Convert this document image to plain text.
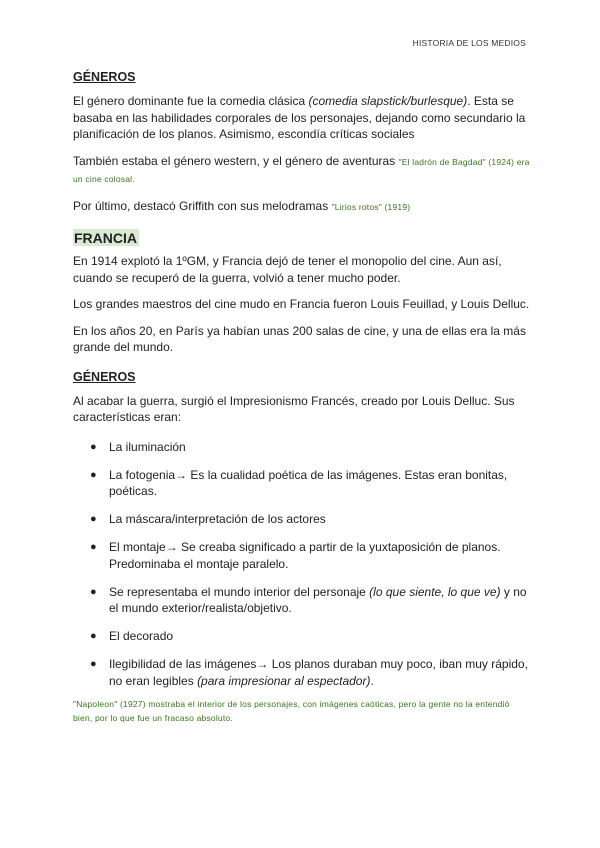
HISTORIA DE LOS MEDIOS
GÉNEROS

El género dominante fue la comedia clásica (comedia slapstick/burlesque). Esta se basaba en las habilidades corporales de los personajes, dejando como secundario la planificación de los planos. Asimismo, escondía críticas sociales

También estaba el género western, y el género de aventuras "El ladrón de Bagdad" (1924) era un cine colosal.

Por último, destacó Griffith con sus melodramas "Lirios rotos" (1919)

FRANCIA

En 1914 explotó la 1ºGM, y Francia dejó de tener el monopolio del cine. Aun así, cuando se recuperó de la guerra, volvió a tener mucho poder.

Los grandes maestros del cine mudo en Francia fueron Louis Feuillad, y Louis Delluc.

En los años 20, en París ya habían unas 200 salas de cine, y una de ellas era la más grande del mundo.

GÉNEROS

Al acabar la guerra, surgió el Impresionismo Francés, creado por Louis Delluc. Sus características eran:

● La iluminación
● La fotogenia→ Es la cualidad poética de las imágenes. Estas eran bonitas, poéticas.
● La máscara/interpretación de los actores
● El montaje→ Se creaba significado a partir de la yuxtaposición de planos. Predominaba el montaje paralelo.
● Se representaba el mundo interior del personaje (lo que siente, lo que ve) y no el mundo exterior/realista/objetivo.
● El decorado
● Ilegibilidad de las imágenes→ Los planos duraban muy poco, iban muy rápido, no eran legibles (para impresionar al espectador).
"Napoleon" (1927) mostraba el interior de los personajes, con imágenes caóticas, pero la gente no la entendió bien, por lo que fue un fracaso absoluto.
